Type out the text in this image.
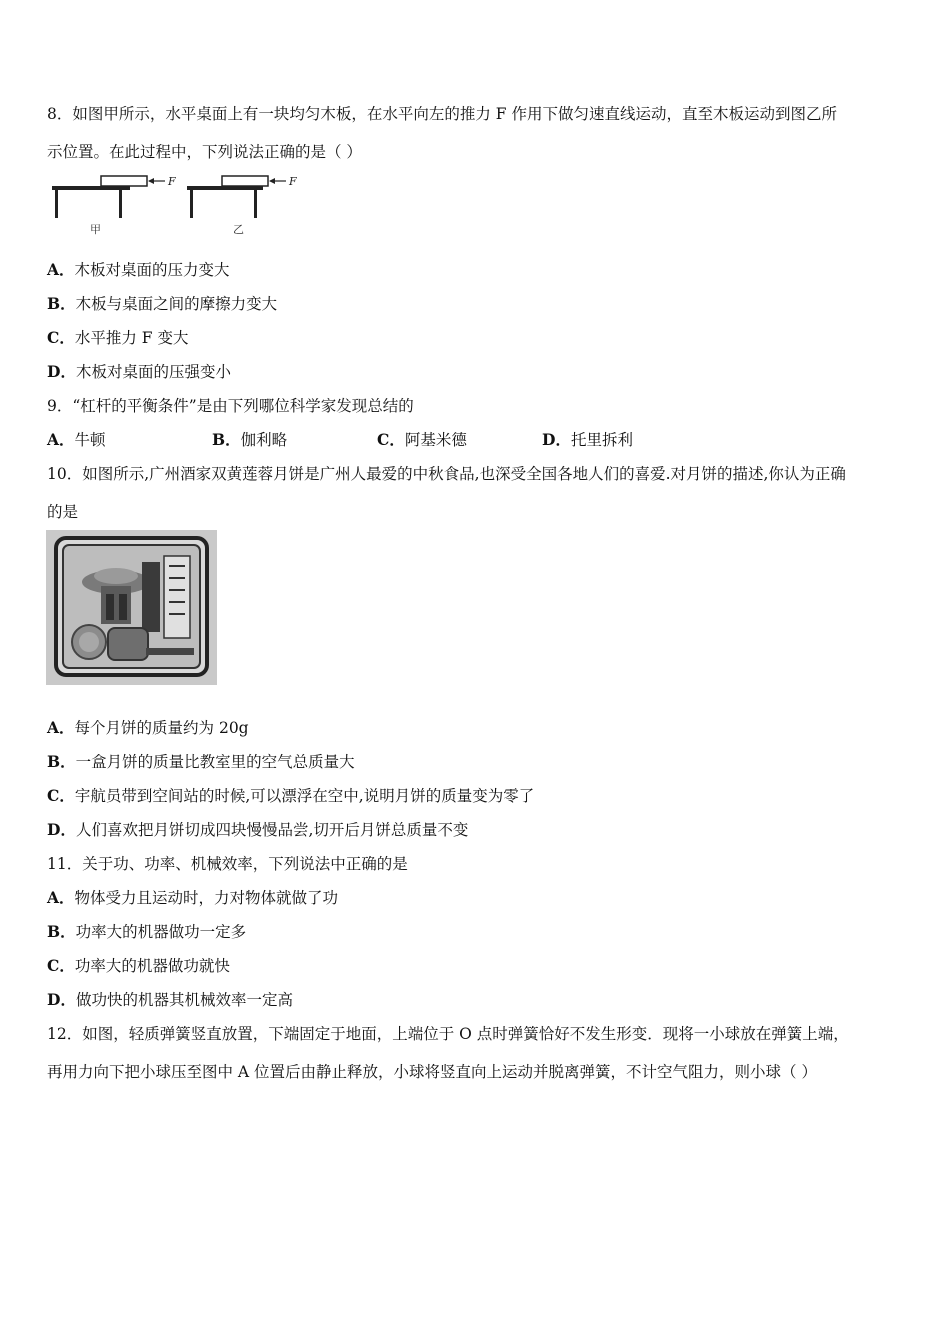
8．如图甲所示，水平桌面上有一块均匀木板，在水平向左的推力 F 作用下做匀速直线运动，直至木板运动到图乙所
示位置。在此过程中，下列说法正确的是（ ）
F
甲
F
乙
A．木板对桌面的压力变大
B．木板与桌面之间的摩擦力变大
C．水平推力 F 变大
D．木板对桌面的压强变小
9．“杠杆的平衡条件”是由下列哪位科学家发现总结的
A．牛顿	B．伽利略	C．阿基米德	D．托里拆利
10．如图所示,广州酒家双黄莲蓉月饼是广州人最爱的中秋食品,也深受全国各地人们的喜爱.对月饼的描述,你认为正确
的是
A．每个月饼的质量约为 20g
B．一盒月饼的质量比教室里的空气总质量大
C．宇航员带到空间站的时候,可以漂浮在空中,说明月饼的质量变为零了
D．人们喜欢把月饼切成四块慢慢品尝,切开后月饼总质量不变
11．关于功、功率、机械效率，下列说法中正确的是
A．物体受力且运动时，力对物体就做了功
B．功率大的机器做功一定多
C．功率大的机器做功就快
D．做功快的机器其机械效率一定高
12．如图，轻质弹簧竖直放置，下端固定于地面，上端位于 O 点时弹簧恰好不发生形变．现将一小球放在弹簧上端，
再用力向下把小球压至图中 A 位置后由静止释放，小球将竖直向上运动并脱离弹簧，不计空气阻力，则小球（ ）
